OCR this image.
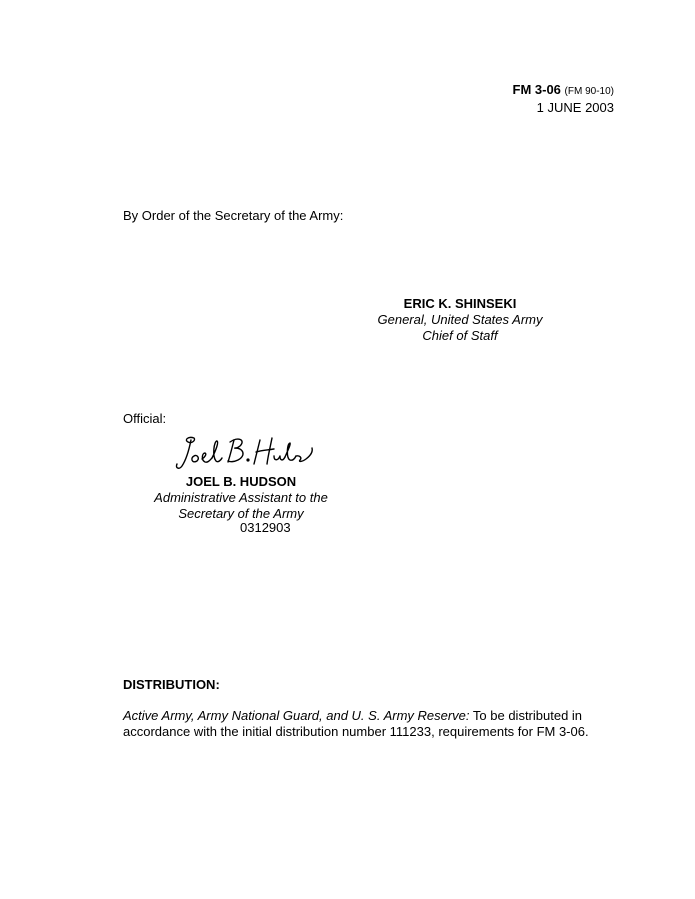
FM 3-06 (FM 90-10)
1 JUNE 2003
By Order of the Secretary of the Army:
ERIC K. SHINSEKI
General, United States Army
Chief of Staff
Official:
JOEL B. HUDSON
Administrative Assistant to the
Secretary of the Army
0312903
DISTRIBUTION:
Active Army, Army National Guard, and U. S. Army Reserve: To be distributed in accordance with the initial distribution number 111233, requirements for FM 3-06.
